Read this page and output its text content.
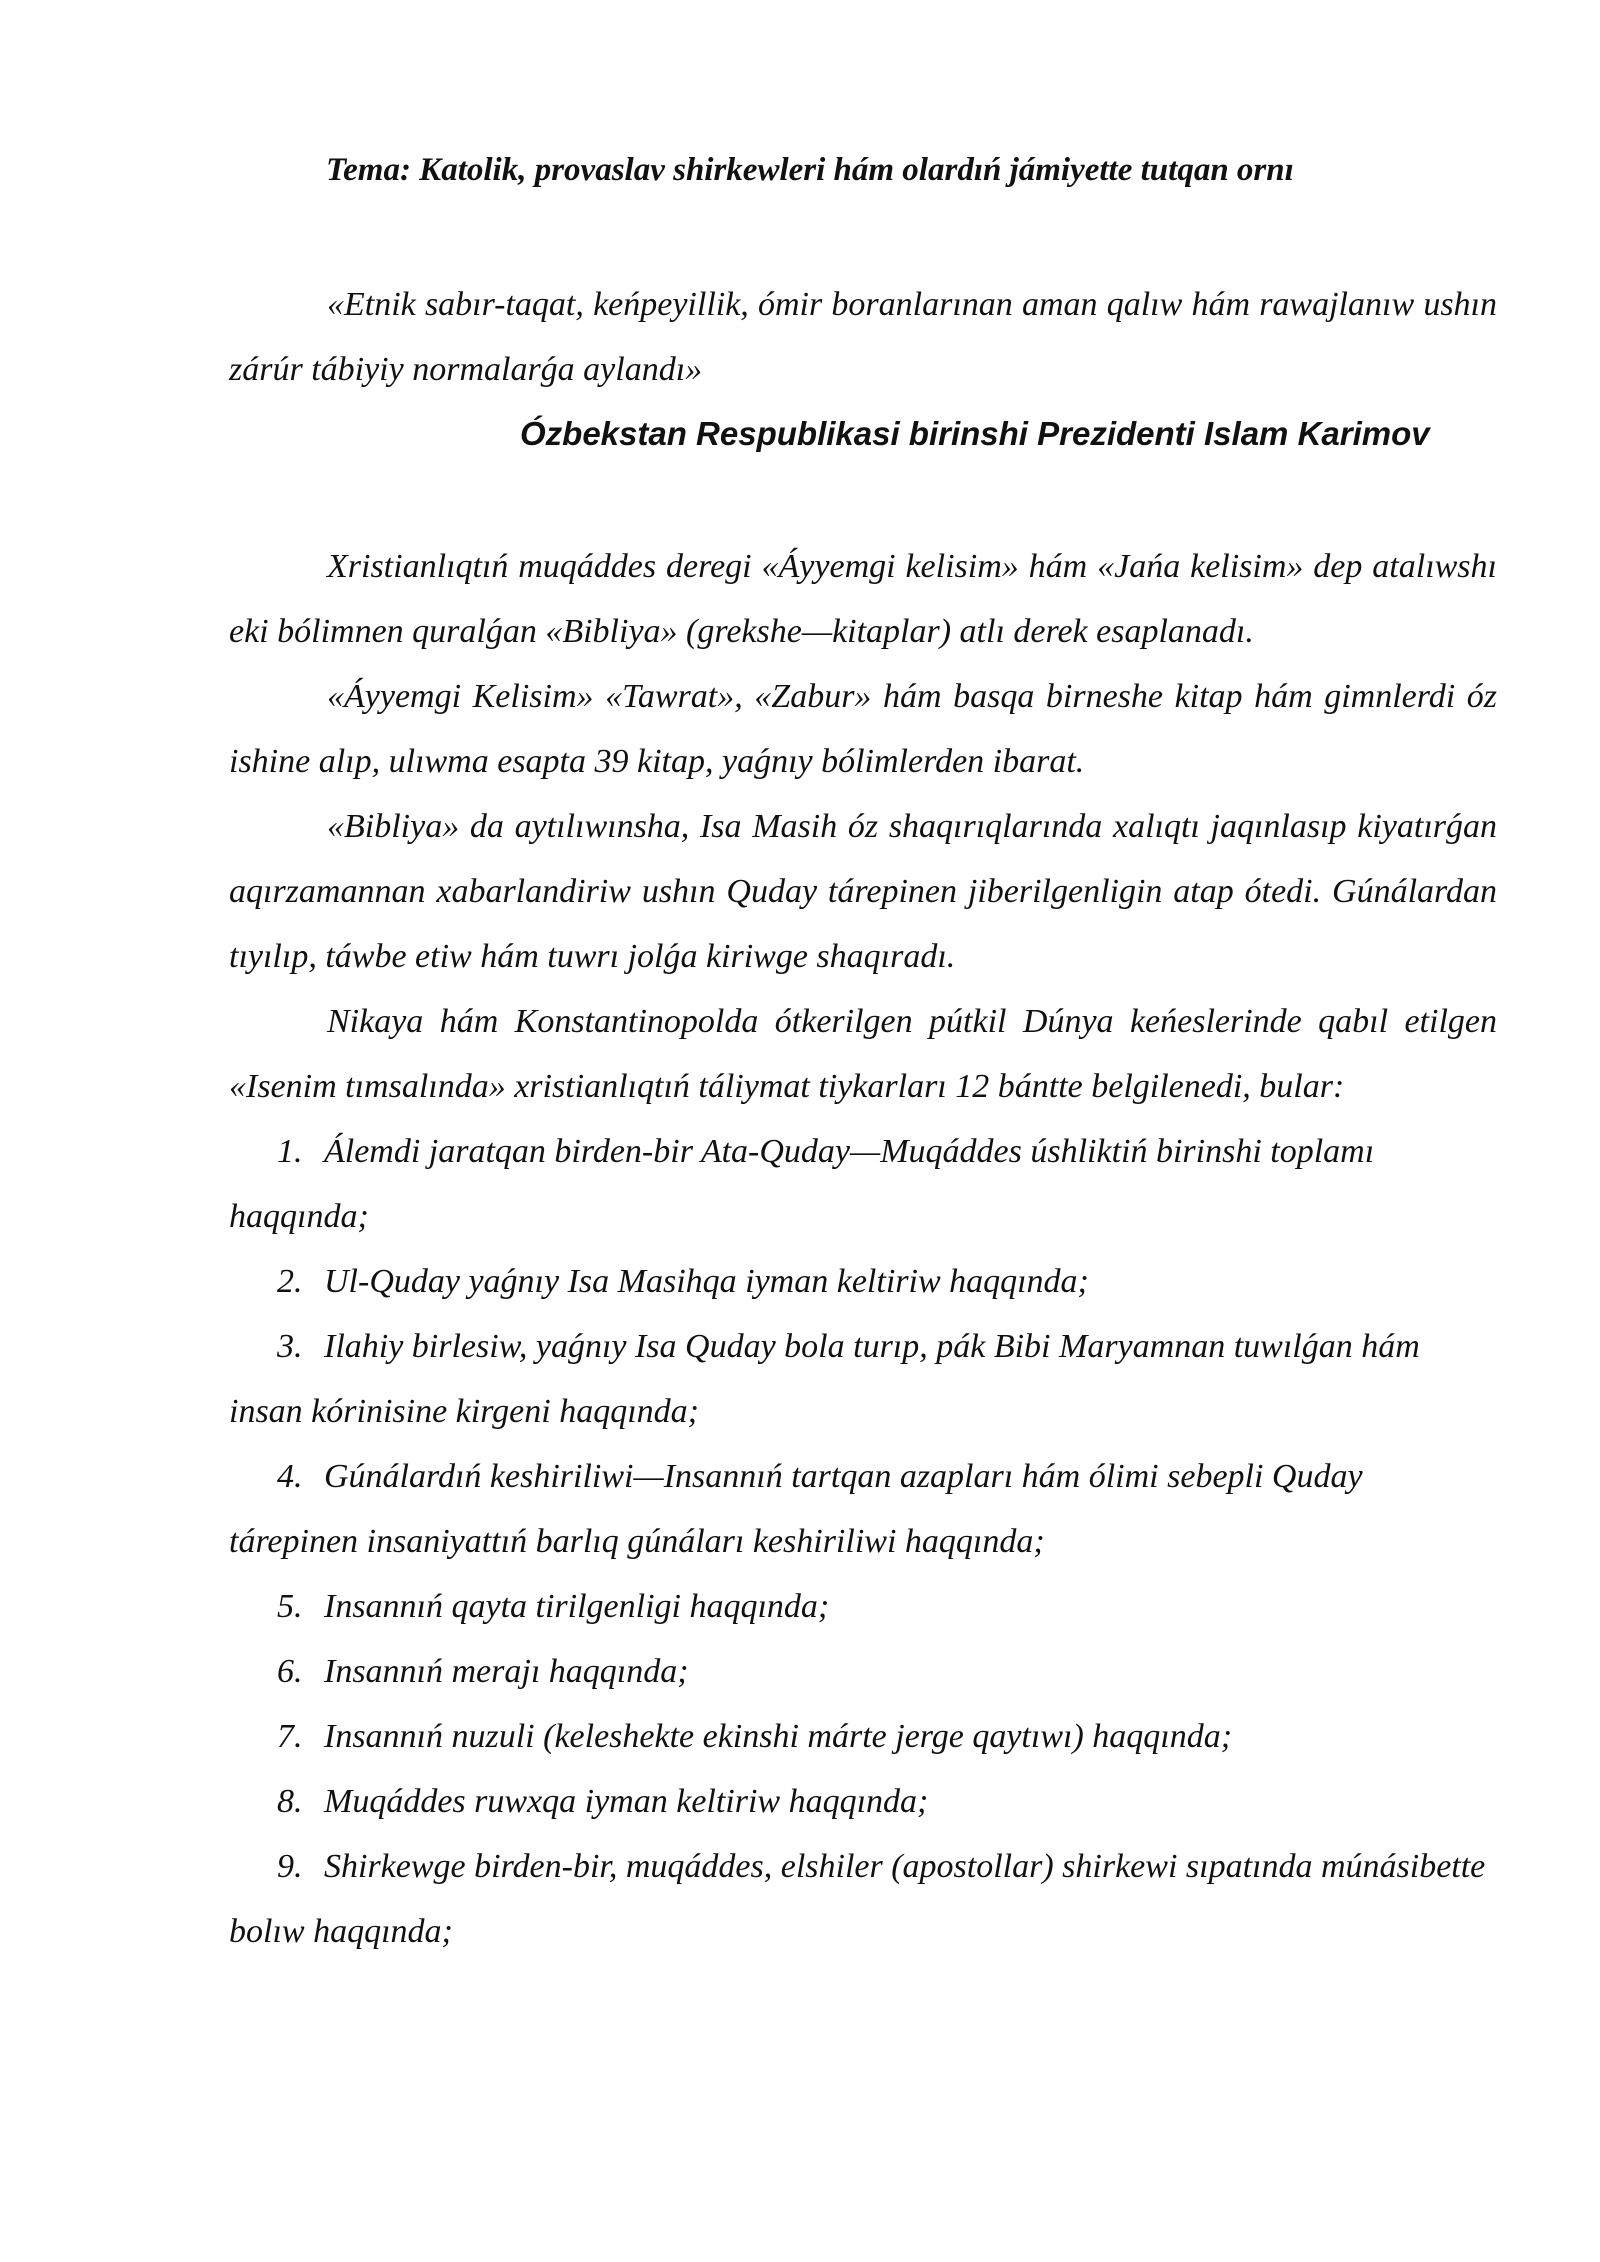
Tema: Katolik, provaslav shirkewleri hám olardıń jámiyette tutqan ornı

«Etnik sabır-taqat, keńpeyillik, ómir boranlarınan aman qalıw hám rawajlanıw ushın zárúr tábiyiy normalarǵa aylandı»

Ózbekstan Respublikasi birinshi Prezidenti Islam Karimov

Xristianlıqtıń muqáddes deregi «Áyyemgi kelisim» hám «Jańa kelisim» dep atalıwshı eki bólimnen quralǵan «Bibliya» (grekshe—kitaplar) atlı derek esaplanadı.

«Áyyemgi Kelisim» «Tawrat», «Zabur» hám basqa birneshe kitap hám gimnlerdi óz ishine alıp, ulıwma esapta 39 kitap, yaǵnıy bólimlerden ibarat.

«Bibliya» da aytılıwınsha, Isa Masih óz shaqırıqlarında xalıqtı jaqınlasıp kiyatırǵan aqırzamannan xabarlandiriw ushın Quday tárepinen jiberilgenligin atap ótedi. Gúnálardan tıyılıp, táwbe etiw hám tuwrı jolǵa kiriwge shaqıradı.

Nikaya hám Konstantinopolda ótkerilgen pútkil Dúnya keńeslerinde qabıl etilgen «Isenim tımsalında» xristianlıqtıń táliymat tiykarları 12 bántte belgilenedi, bular:

1. Álemdi jaratqan birden-bir Ata-Quday—Muqáddes úshliktiń birinshi toplamı haqqında;
2. Ul-Quday yaǵnıy Isa Masihqa iyman keltiriw haqqında;
3. Ilahiy birlesiw, yaǵnıy Isa Quday bola turıp, pák Bibi Maryamnan tuwılǵan hám insan kórinisine kirgeni haqqında;
4. Gúnálardıń keshiriliwi—Insannıń tartqan azapları hám ólimi sebepli Quday tárepinen insaniyattıń barlıq gúnáları keshiriliwi haqqında;
5. Insannıń qayta tirilgenligi haqqında;
6. Insannıń merajı haqqında;
7. Insannıń nuzuli (keleshekte ekinshi márte jerge qaytıwı) haqqında;
8. Muqáddes ruwxqa iyman keltiriw haqqında;
9. Shirkewge birden-bir, muqáddes, elshiler (apostollar) shirkewi sıpatında múnásibette bolıw haqqında;
